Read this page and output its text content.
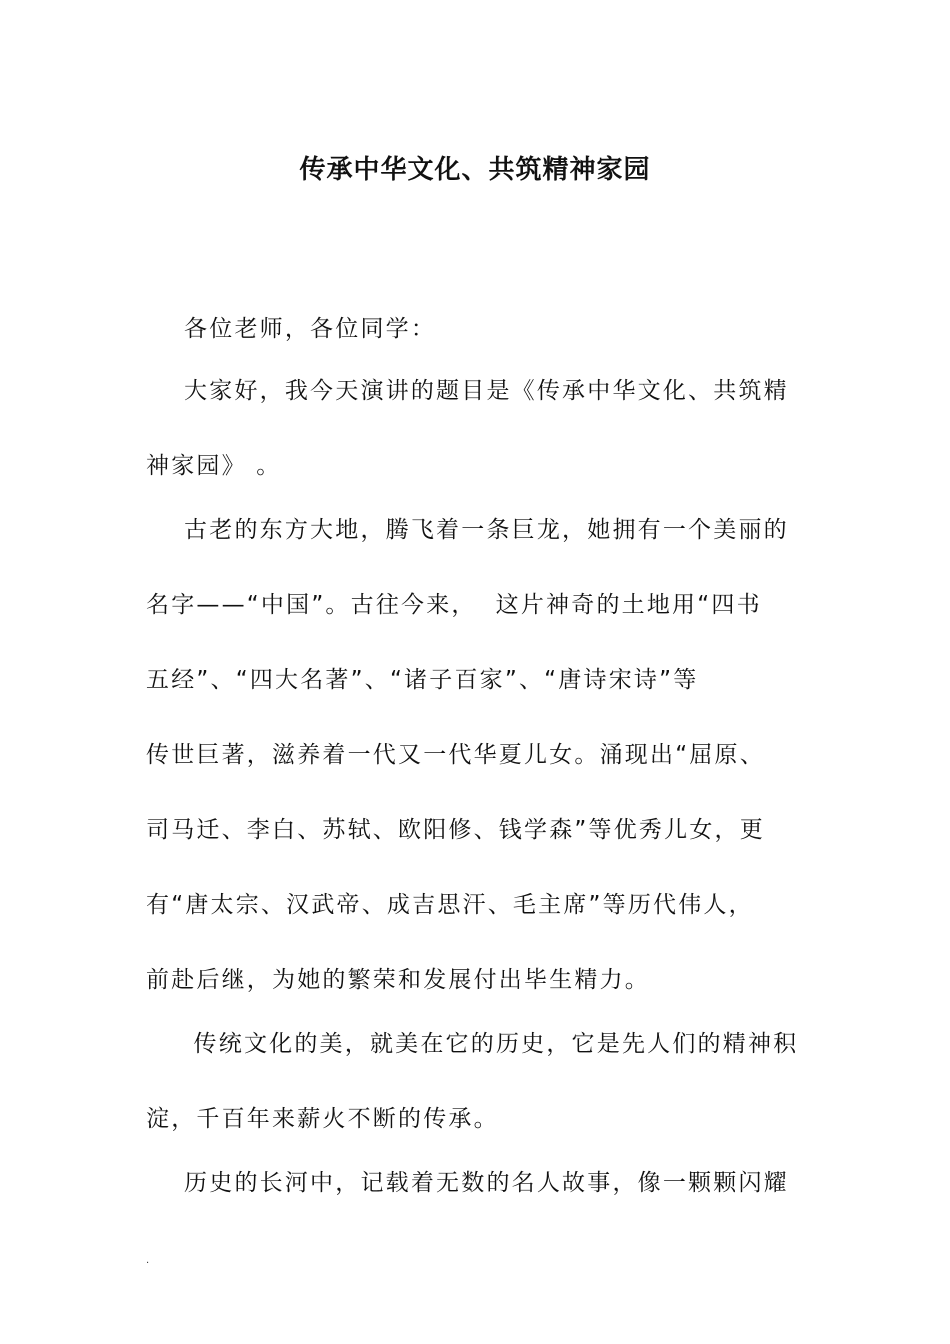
传承中华文化、共筑精神家园
各位老师，各位同学：
大家好，我今天演讲的题目是《传承中华文化、共筑精
神家园》 。
古老的东方大地，腾飞着一条巨龙，她拥有一个美丽的
名字——“中国”。古往今来，  这片神奇的土地用“四书
五经”、“四大名著”、“诸子百家”、“唐诗宋诗”等
传世巨著，滋养着一代又一代华夏儿女。涌现出“屈原、
司马迁、李白、苏轼、欧阳修、钱学森”等优秀儿女，更
有“唐太宗、汉武帝、成吉思汗、毛主席”等历代伟人，
前赴后继，为她的繁荣和发展付出毕生精力。
传统文化的美，就美在它的历史，它是先人们的精神积
淀，千百年来薪火不断的传承。
历史的长河中，记载着无数的名人故事，像一颗颗闪耀
.
